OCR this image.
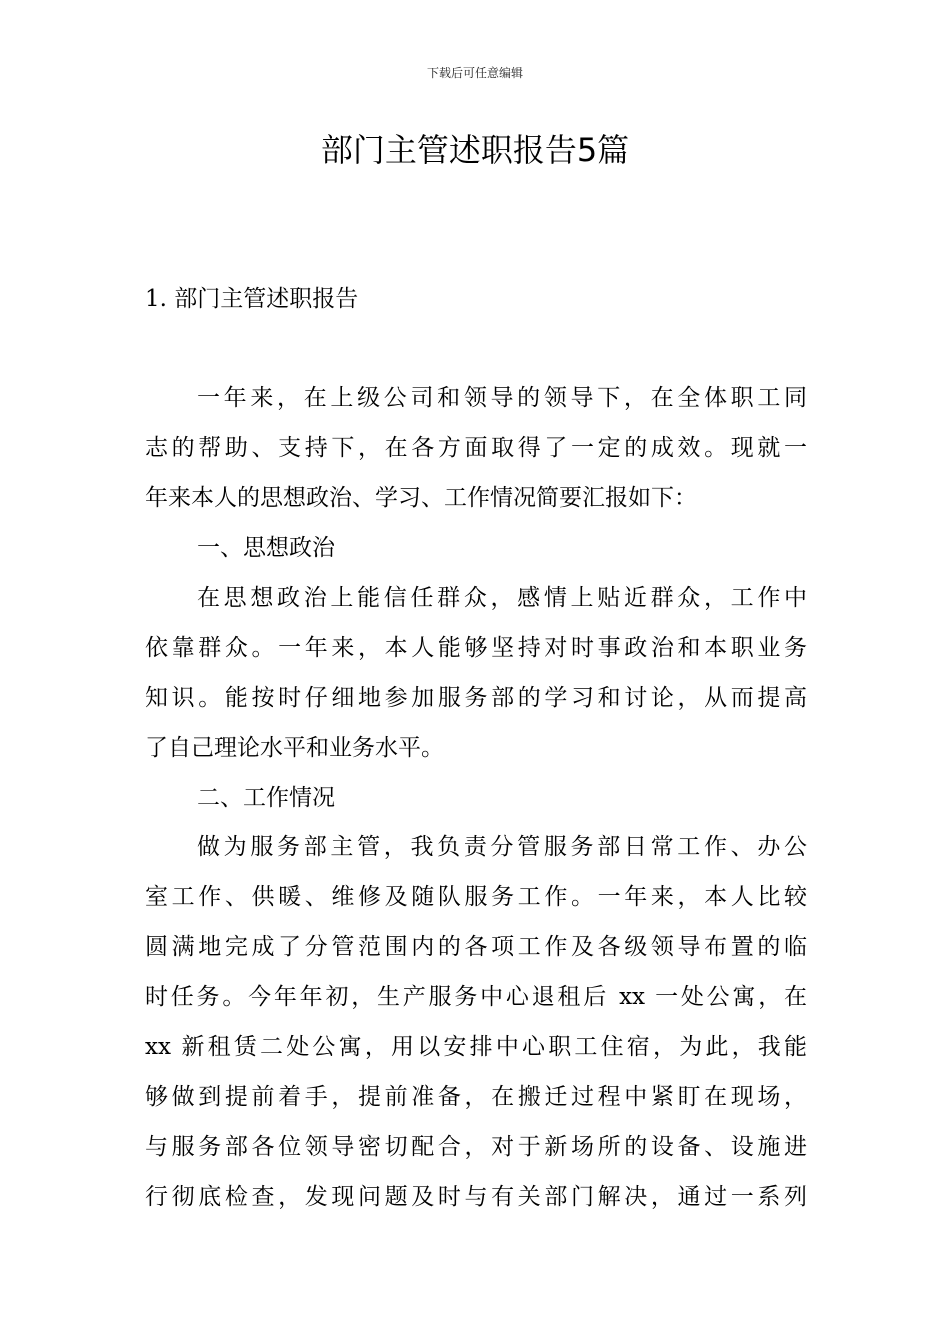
下载后可任意编辑
部门主管述职报告5篇
1. 部门主管述职报告
一年来，在上级公司和领导的领导下，在全体职工同
志的帮助、支持下，在各方面取得了一定的成效。现就一
年来本人的思想政治、学习、工作情况简要汇报如下：
一、思想政治
在思想政治上能信任群众，感情上贴近群众，工作中
依靠群众。一年来，本人能够坚持对时事政治和本职业务
知识。能按时仔细地参加服务部的学习和讨论，从而提高
了自己理论水平和业务水平。
二、工作情况
做为服务部主管，我负责分管服务部日常工作、办公
室工作、供暖、维修及随队服务工作。一年来，本人比较
圆满地完成了分管范围内的各项工作及各级领导布置的临
时任务。今年年初，生产服务中心退租后 xx 一处公寓，在
xx 新租赁二处公寓，用以安排中心职工住宿，为此，我能
够做到提前着手，提前准备，在搬迁过程中紧盯在现场，
与服务部各位领导密切配合，对于新场所的设备、设施进
行彻底检查，发现问题及时与有关部门解决，通过一系列
